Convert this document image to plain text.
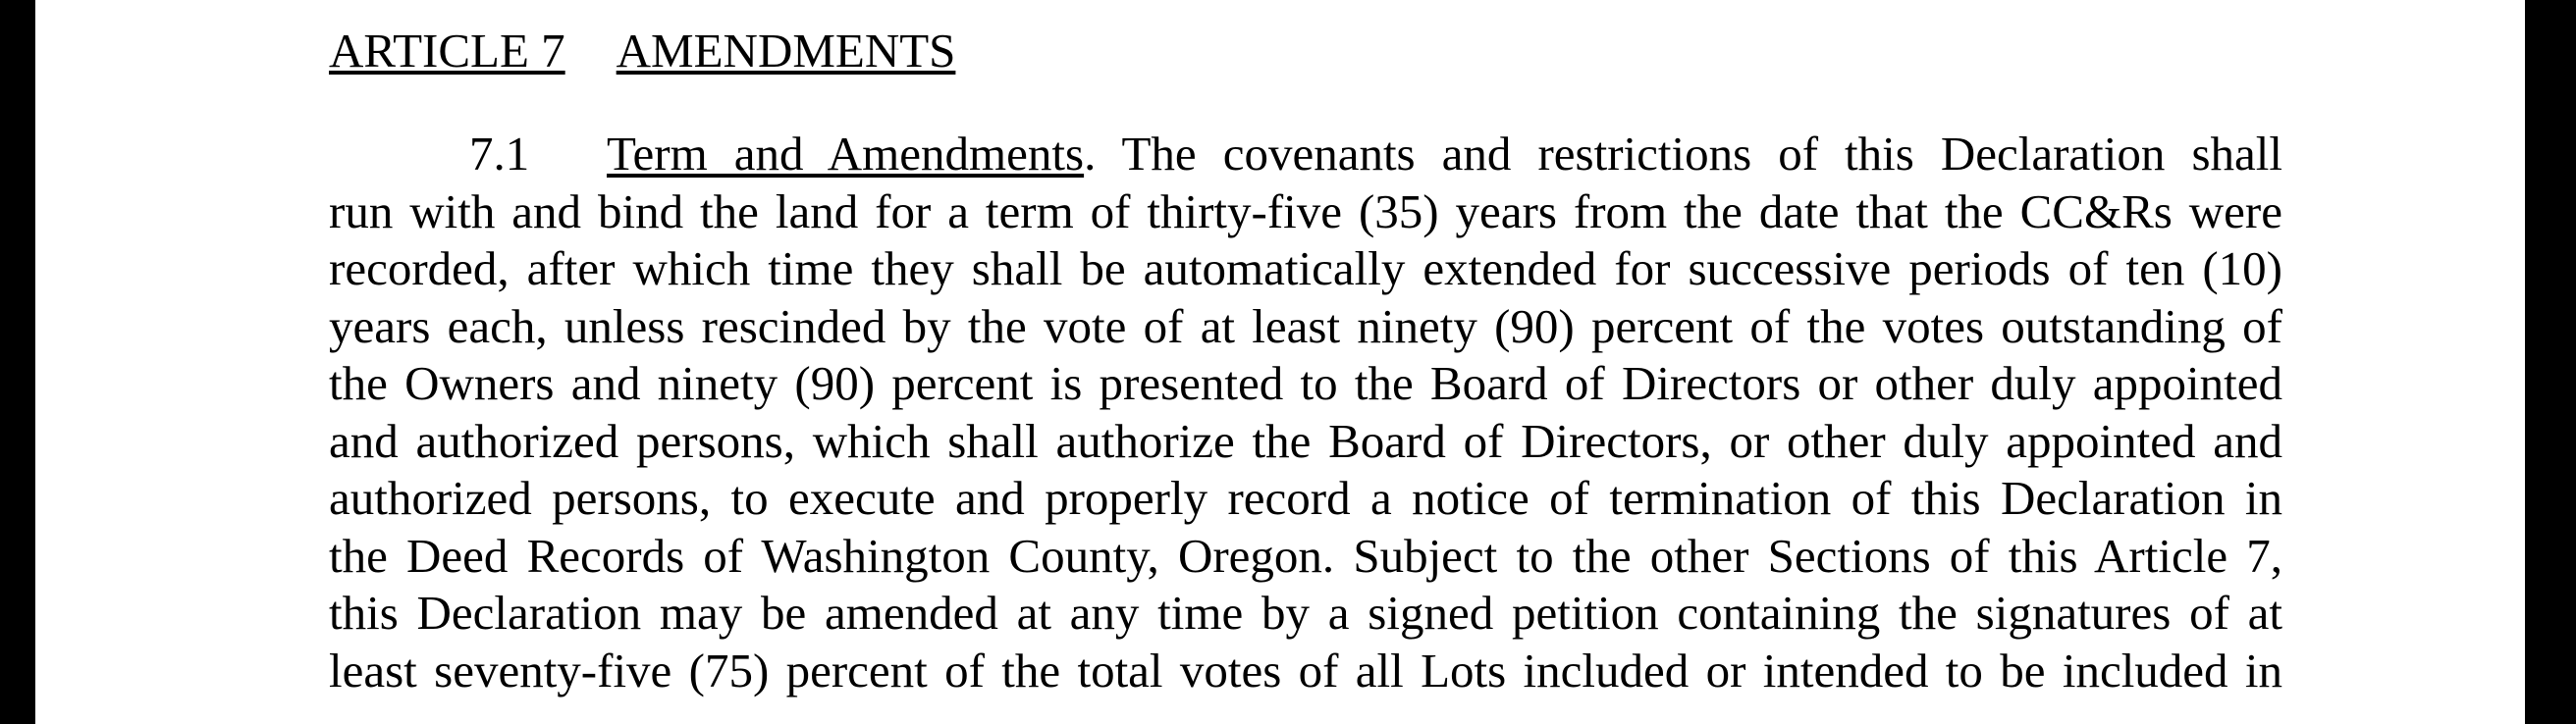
ARTICLE 7 AMENDMENTS
7.1 Term and Amendments. The covenants and restrictions of this Declaration shall
run with and bind the land for a term of thirty-five (35) years from the date that the CC&Rs were
recorded, after which time they shall be automatically extended for successive periods of ten (10)
years each, unless rescinded by the vote of at least ninety (90) percent of the votes outstanding of
the Owners and ninety (90) percent is presented to the Board of Directors or other duly appointed
and authorized persons, which shall authorize the Board of Directors, or other duly appointed and
authorized persons, to execute and properly record a notice of termination of this Declaration in
the Deed Records of Washington County, Oregon. Subject to the other Sections of this Article 7,
this Declaration may be amended at any time by a signed petition containing the signatures of at
least seventy-five (75) percent of the total votes of all Lots included or intended to be included in
